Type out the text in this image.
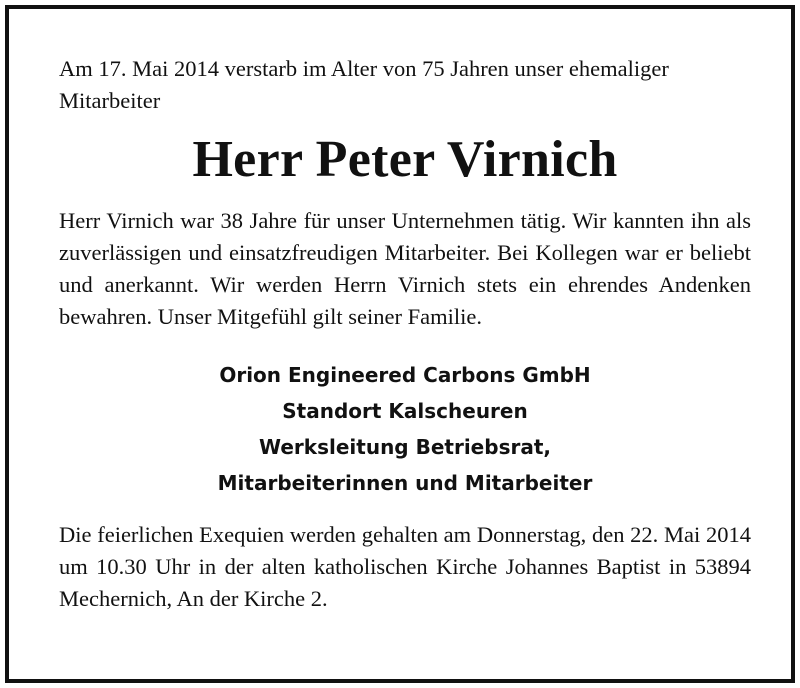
Am 17. Mai 2014 verstarb im Alter von 75 Jahren unser ehemaliger Mitarbeiter

Herr Peter Virnich

Herr Virnich war 38 Jahre für unser Unternehmen tätig. Wir kannten ihn als zuverlässigen und einsatzfreudigen Mitarbeiter. Bei Kollegen war er beliebt und anerkannt. Wir werden Herrn Virnich stets ein ehrendes Andenken bewahren. Unser Mitgefühl gilt seiner Familie.

Orion Engineered Carbons GmbH
Standort Kalscheuren
Werksleitung Betriebsrat,
Mitarbeiterinnen und Mitarbeiter

Die feierlichen Exequien werden gehalten am Donnerstag, den 22. Mai 2014 um 10.30 Uhr in der alten katholischen Kirche Johannes Baptist in 53894 Mechernich, An der Kirche 2.
